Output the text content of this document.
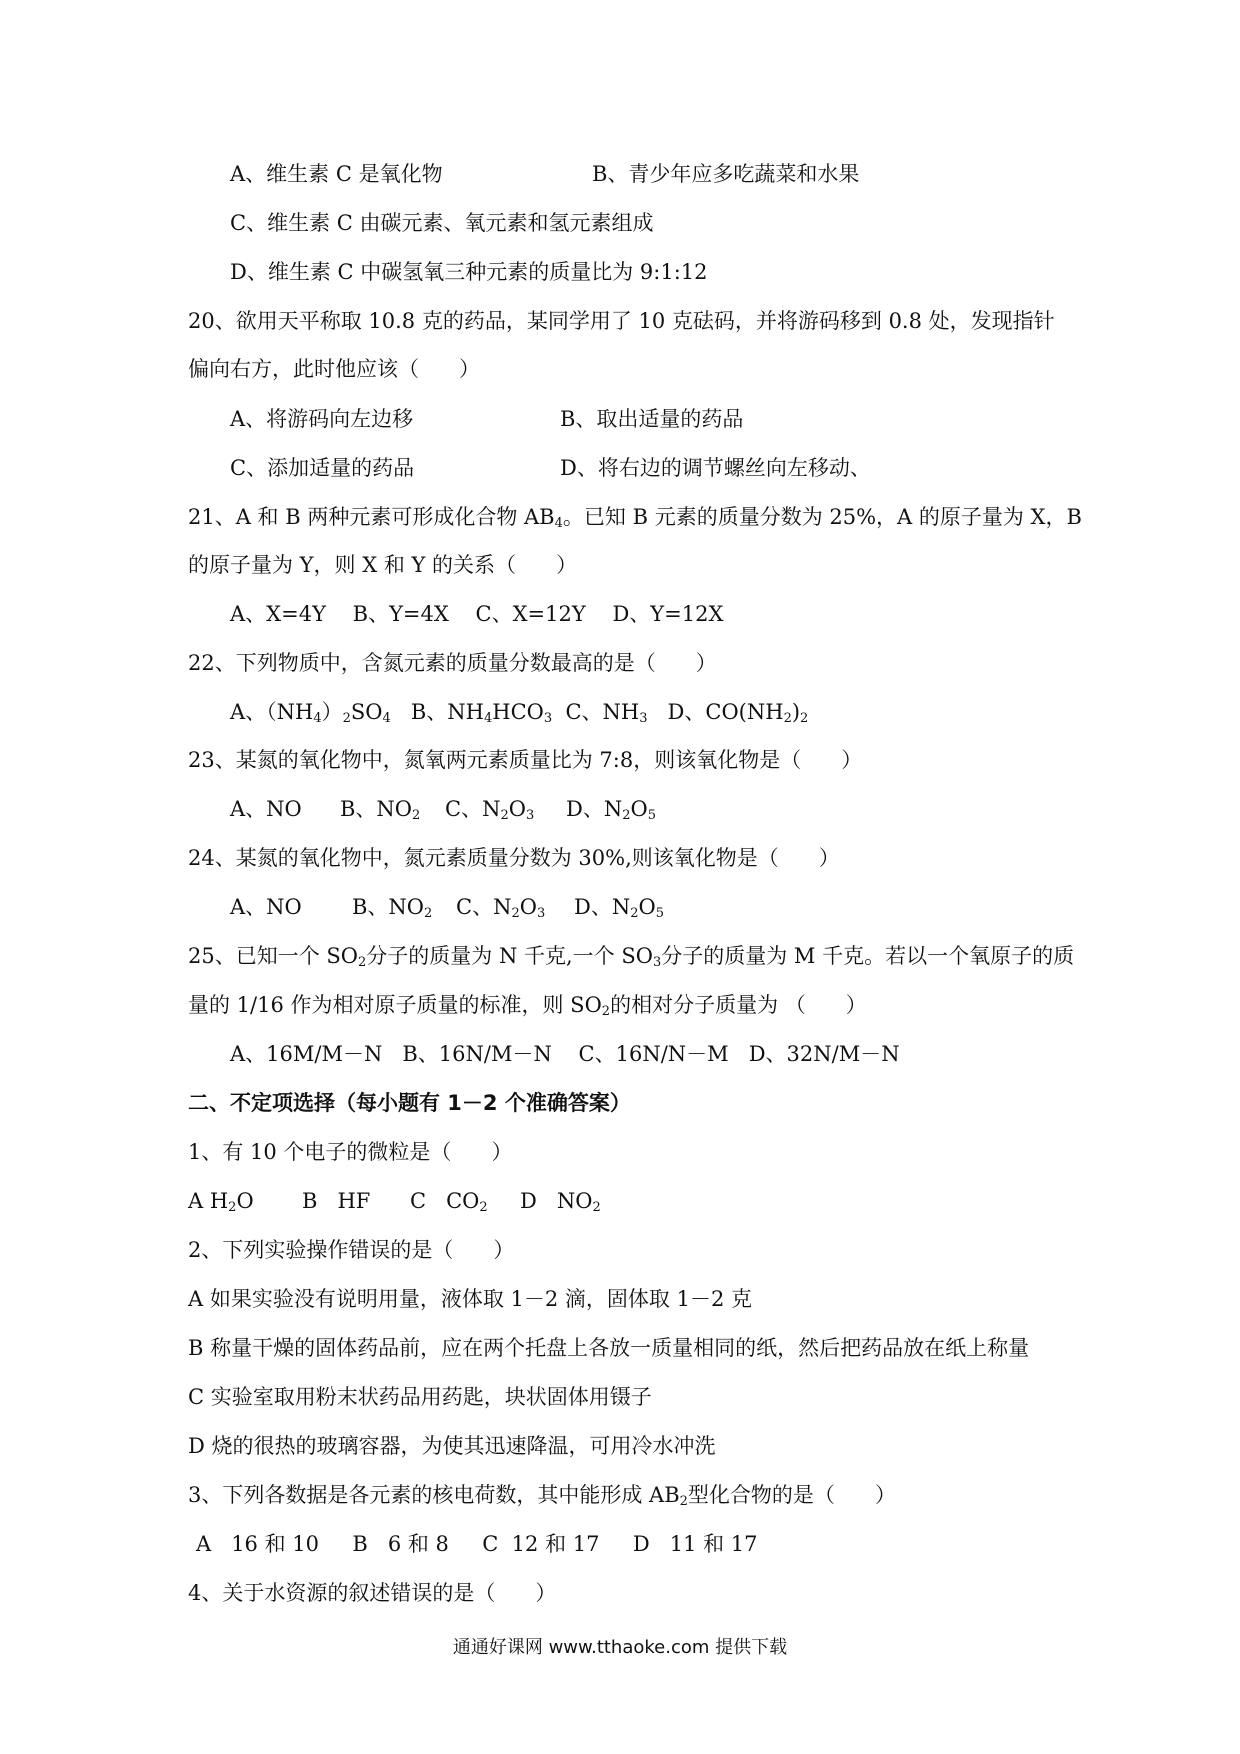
A、维生素 C 是氧化物	B、青少年应多吃蔬菜和水果
C、维生素 C 由碳元素、氧元素和氢元素组成
D、维生素 C 中碳氢氧三种元素的质量比为 9:1:12
20、欲用天平称取 10.8 克的药品，某同学用了 10 克砝码，并将游码移到 0.8 处，发现指针
偏向右方，此时他应该（      ）
A、将游码向左边移	B、取出适量的药品
C、添加适量的药品	D、将右边的调节螺丝向左移动、
21、A 和 B 两种元素可形成化合物 $AB_4$。已知 B 元素的质量分数为 25%，A 的原子量为 X，B
的原子量为 Y，则 X 和 Y 的关系（      ）
A、X=4Y    B、Y=4X    C、X=12Y    D、Y=12X
22、下列物质中，含氮元素的质量分数最高的是（      ）
A、$(NH_4)_2SO_4$   B、$NH_4HCO_3$  C、$NH_3$   D、$CO(NH_2)_2$
23、某氮的氧化物中，氮氧两元素质量比为 7:8，则该氧化物是（      ）
A、NO B、$NO_2$ C、$N_2O_3$ D、$N_2O_5$
24、某氮的氧化物中，氮元素质量分数为 30%,则该氧化物是（      ）
A、NO B、$NO_2$ C、$N_2O_3$ D、$N_2O_5$
25、已知一个 $SO_2$分子的质量为 N 千克,一个 $SO_3$分子的质量为 M 千克。若以一个氧原子的质
量的 1/16 作为相对原子质量的标准，则 $SO_2$的相对分子质量为 （      ）
A、16M/M－N   B、16N/M－N    C、16N/N－M   D、32N/M－N
二、不定项选择（每小题有 1－2 个准确答案）
1、有 10 个电子的微粒是（      ）
A $H_2O$ B   HF C   $CO_2$ D   $NO_2$
2、下列实验操作错误的是（      ）
A 如果实验没有说明用量，液体取 1－2 滴，固体取 1－2 克
B 称量干燥的固体药品前，应在两个托盘上各放一质量相同的纸，然后把药品放在纸上称量
C 实验室取用粉末状药品用药匙，块状固体用镊子
D 烧的很热的玻璃容器，为使其迅速降温，可用冷水冲洗
3、下列各数据是各元素的核电荷数，其中能形成 $AB_2$型化合物的是（      ）
A   16 和 10     B   6 和 8     C  12 和 17     D   11 和 17
4、关于水资源的叙述错误的是（      ）
通通好课网 www.tthaoke.com 提供下载
